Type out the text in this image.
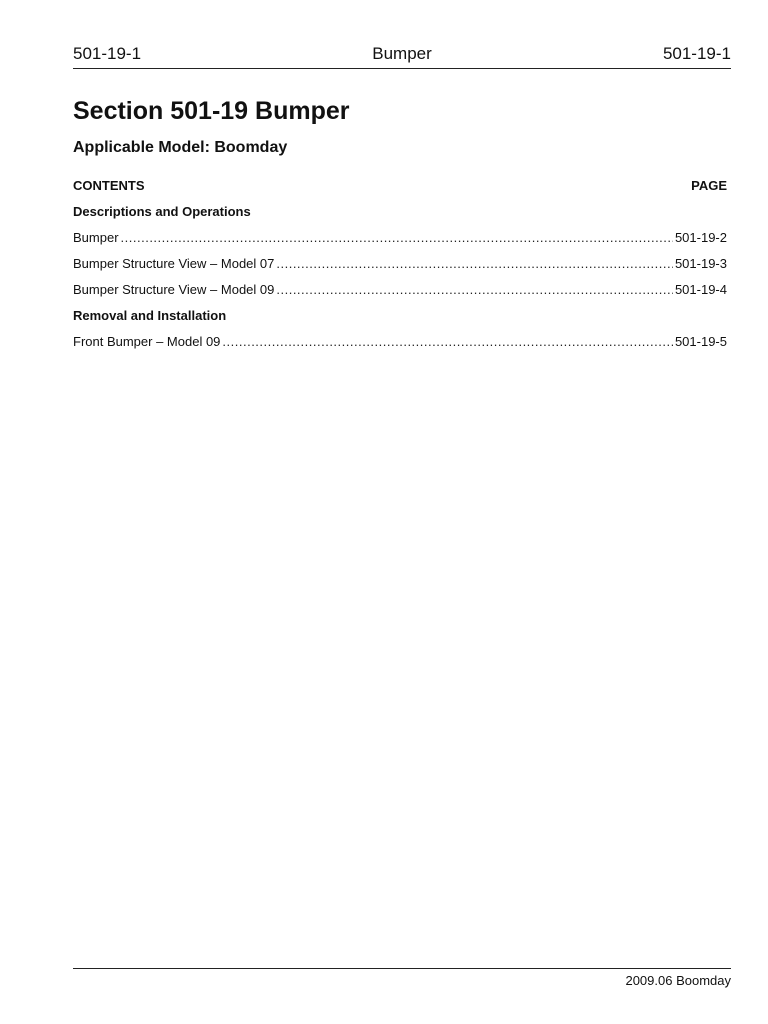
501-19-1	Bumper	501-19-1
Section 501-19 Bumper
Applicable Model: Boomday
CONTENTS	PAGE
Descriptions and Operations
Bumper .....	501-19-2
Bumper Structure View – Model 07 .....	501-19-3
Bumper Structure View – Model 09 .....	501-19-4
Removal and Installation
Front Bumper – Model 09 .....	501-19-5
2009.06 Boomday
